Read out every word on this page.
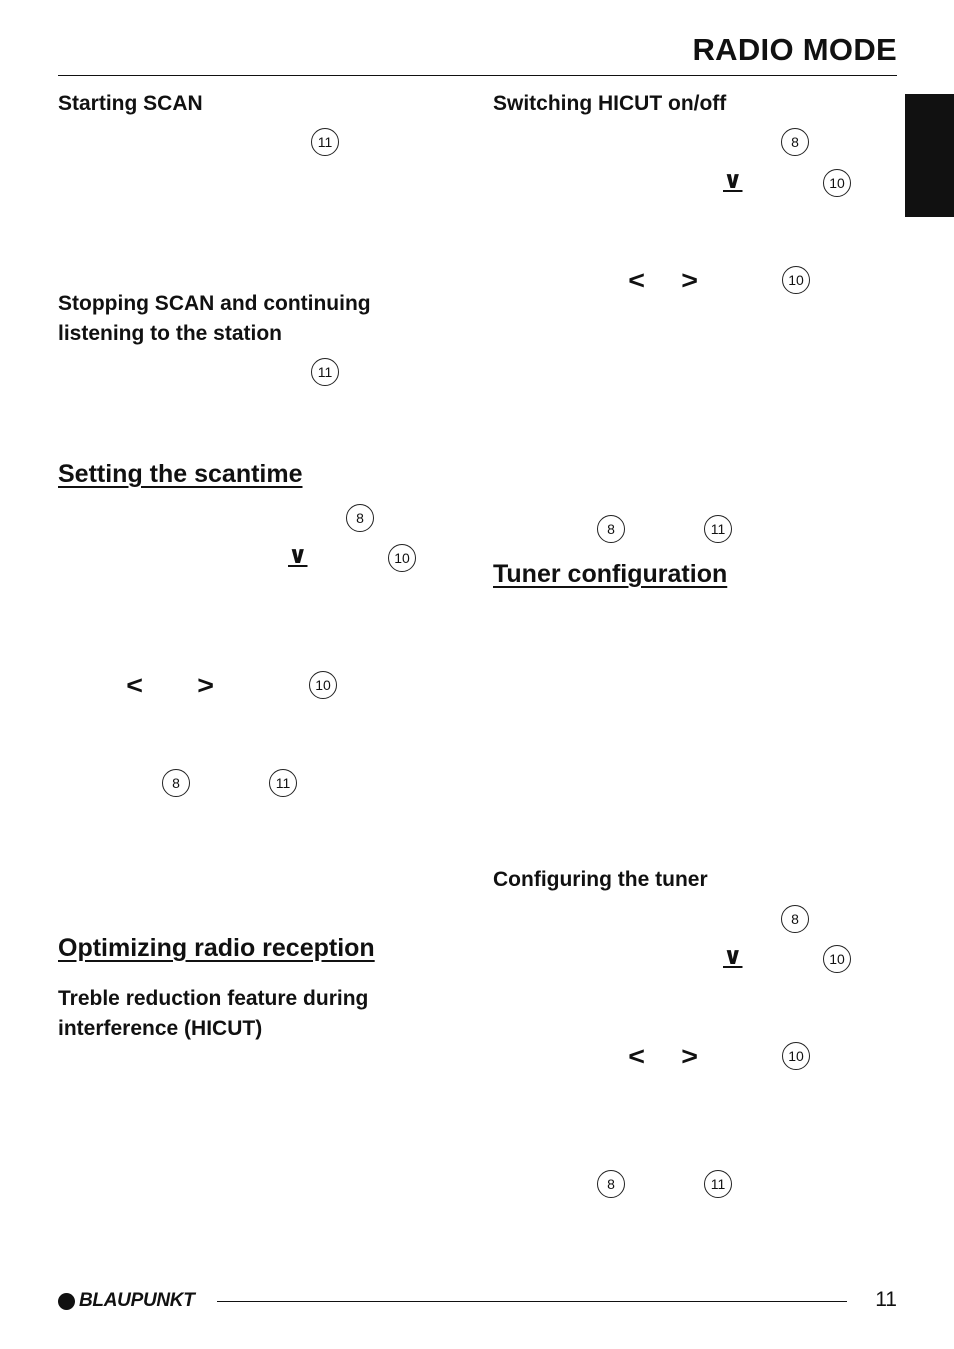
RADIO MODE
Starting SCAN
11
Stopping SCAN and continuing
listening to the station
11
Setting the scantime
8
∨	10
< >	10
8	11
Optimizing radio reception
Treble reduction feature during
interference (HICUT)
Switching HICUT on/off
8
∨	10
< >	10
8	11
Tuner configuration
Configuring the tuner
8
∨	10
< >	10
8	11
BLAUPUNKT	11
